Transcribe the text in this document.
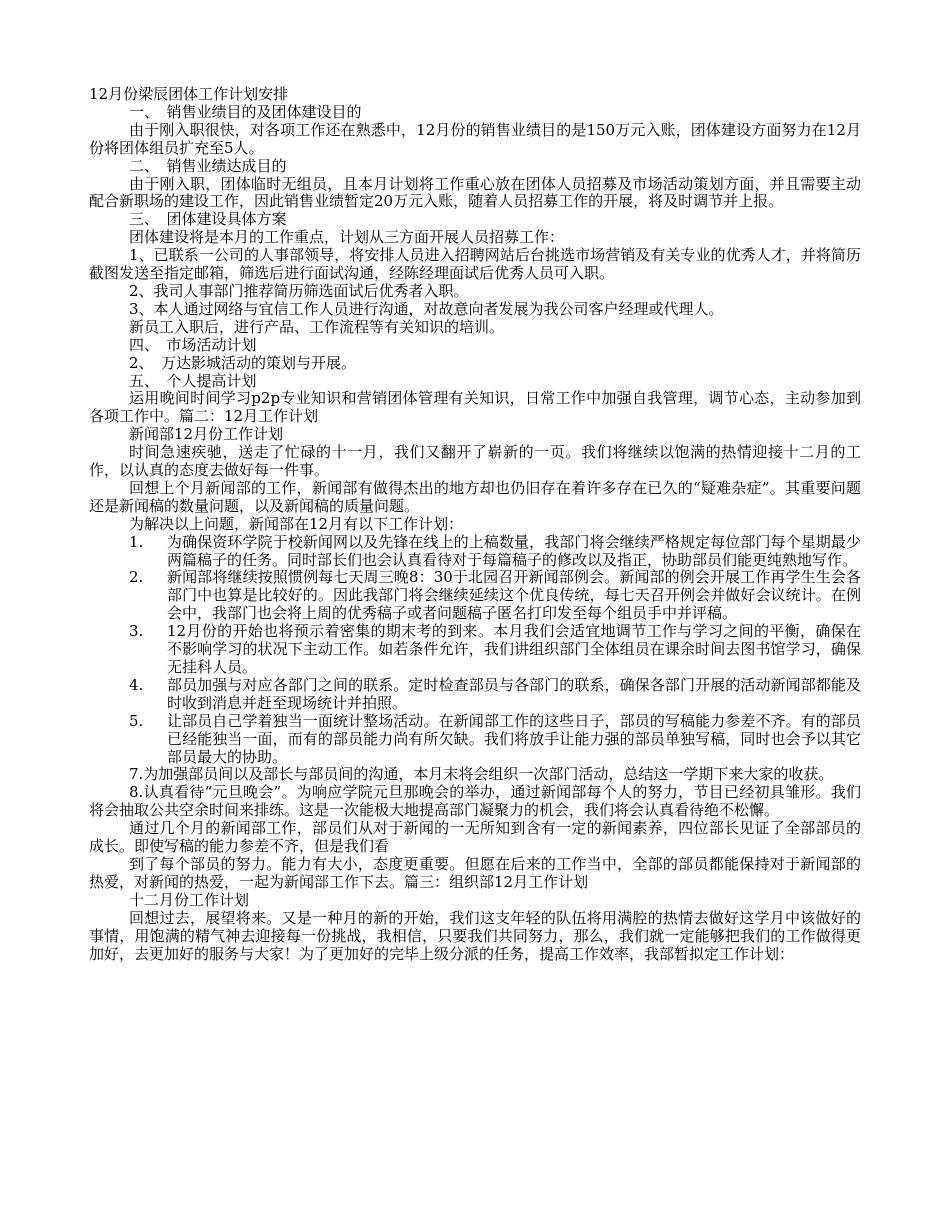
12月份梁辰团体工作计划安排
一、　销售业绩目的及团体建设目的
由于刚入职很快，对各项工作还在熟悉中，12月份的销售业绩目的是150万元入账，团体建设方面努力在12月份将团体组员扩充至5人。
二、　销售业绩达成目的
由于刚入职，团体临时无组员，且本月计划将工作重心放在团体人员招募及市场活动策划方面，并且需要主动配合新职场的建设工作，因此销售业绩暂定20万元入账，随着人员招募工作的开展，将及时调节并上报。
三、　团体建设具体方案
团体建设将是本月的工作重点，计划从三方面开展人员招募工作：
1、已联系一公司的人事部领导，将安排人员进入招聘网站后台挑选市场营销及有关专业的优秀人才，并将简历截图发送至指定邮箱，筛选后进行面试沟通，经陈经理面试后优秀人员可入职。
2、我司人事部门推荐简历筛选面试后优秀者入职。
3、本人通过网络与宜信工作人员进行沟通，对故意向者发展为我公司客户经理或代理人。
新员工入职后，进行产品、工作流程等有关知识的培训。
四、　市场活动计划
2、　万达影城活动的策划与开展。
五、　个人提高计划
运用晚间时间学习p2p专业知识和营销团体管理有关知识，日常工作中加强自我管理，调节心态，主动参加到各项工作中。篇二：12月工作计划
新闻部12月份工作计划
时间急速疾驰，送走了忙碌的十一月，我们又翻开了崭新的一页。我们将继续以饱满的热情迎接十二月的工作，以认真的态度去做好每一件事。
回想上个月新闻部的工作，新闻部有做得杰出的地方却也仍旧存在着许多存在已久的“疑难杂症”。其重要问题还是新闻稿的数量问题，以及新闻稿的质量问题。
为解决以上问题，新闻部在12月有以下工作计划：
1.	为确保资环学院于校新闻网以及先锋在线上的上稿数量，我部门将会继续严格规定每位部门每个星期最少两篇稿子的任务。同时部长们也会认真看待对于每篇稿子的修改以及指正，协助部员们能更纯熟地写作。
2.	新闻部将继续按照惯例每七天周三晚8：30于北园召开新闻部例会。新闻部的例会开展工作再学生生会各部门中也算是比较好的。因此我部门将会继续延续这个优良传统，每七天召开例会并做好会议统计。在例会中，我部门也会将上周的优秀稿子或者问题稿子匿名打印发至每个组员手中并评稿。
3.	12月份的开始也将预示着密集的期末考的到来。本月我们会适宜地调节工作与学习之间的平衡，确保在不影响学习的状况下主动工作。如若条件允许，我们讲组织部门全体组员在课余时间去图书馆学习，确保无挂科人员。
4.	部员加强与对应各部门之间的联系。定时检查部员与各部门的联系，确保各部门开展的活动新闻部都能及时收到消息并赶至现场统计并拍照。
5.	让部员自己学着独当一面统计整场活动。在新闻部工作的这些日子，部员的写稿能力参差不齐。有的部员已经能独当一面，而有的部员能力尚有所欠缺。我们将放手让能力强的部员单独写稿，同时也会予以其它部员最大的协助。
7.为加强部员间以及部长与部员间的沟通，本月末将会组织一次部门活动，总结这一学期下来大家的收获。
8.认真看待“元旦晚会”。为响应学院元旦那晚会的举办，通过新闻部每个人的努力，节目已经初具雏形。我们将会抽取公共空余时间来排练。这是一次能极大地提高部门凝聚力的机会，我们将会认真看待绝不松懈。
通过几个月的新闻部工作，部员们从对于新闻的一无所知到含有一定的新闻素养，四位部长见证了全部部员的成长。即使写稿的能力参差不齐，但是我们看
到了每个部员的努力。能力有大小，态度更重要。但愿在后来的工作当中，全部的部员都能保持对于新闻部的热爱，对新闻的热爱，一起为新闻部工作下去。篇三：组织部12月工作计划
十二月份工作计划
回想过去，展望将来。又是一种月的新的开始，我们这支年轻的队伍将用满腔的热情去做好这学月中该做好的事情，用饱满的精气神去迎接每一份挑战，我相信，只要我们共同努力，那么，我们就一定能够把我们的工作做得更加好，去更加好的服务与大家！为了更加好的完毕上级分派的任务，提高工作效率，我部暂拟定工作计划：
